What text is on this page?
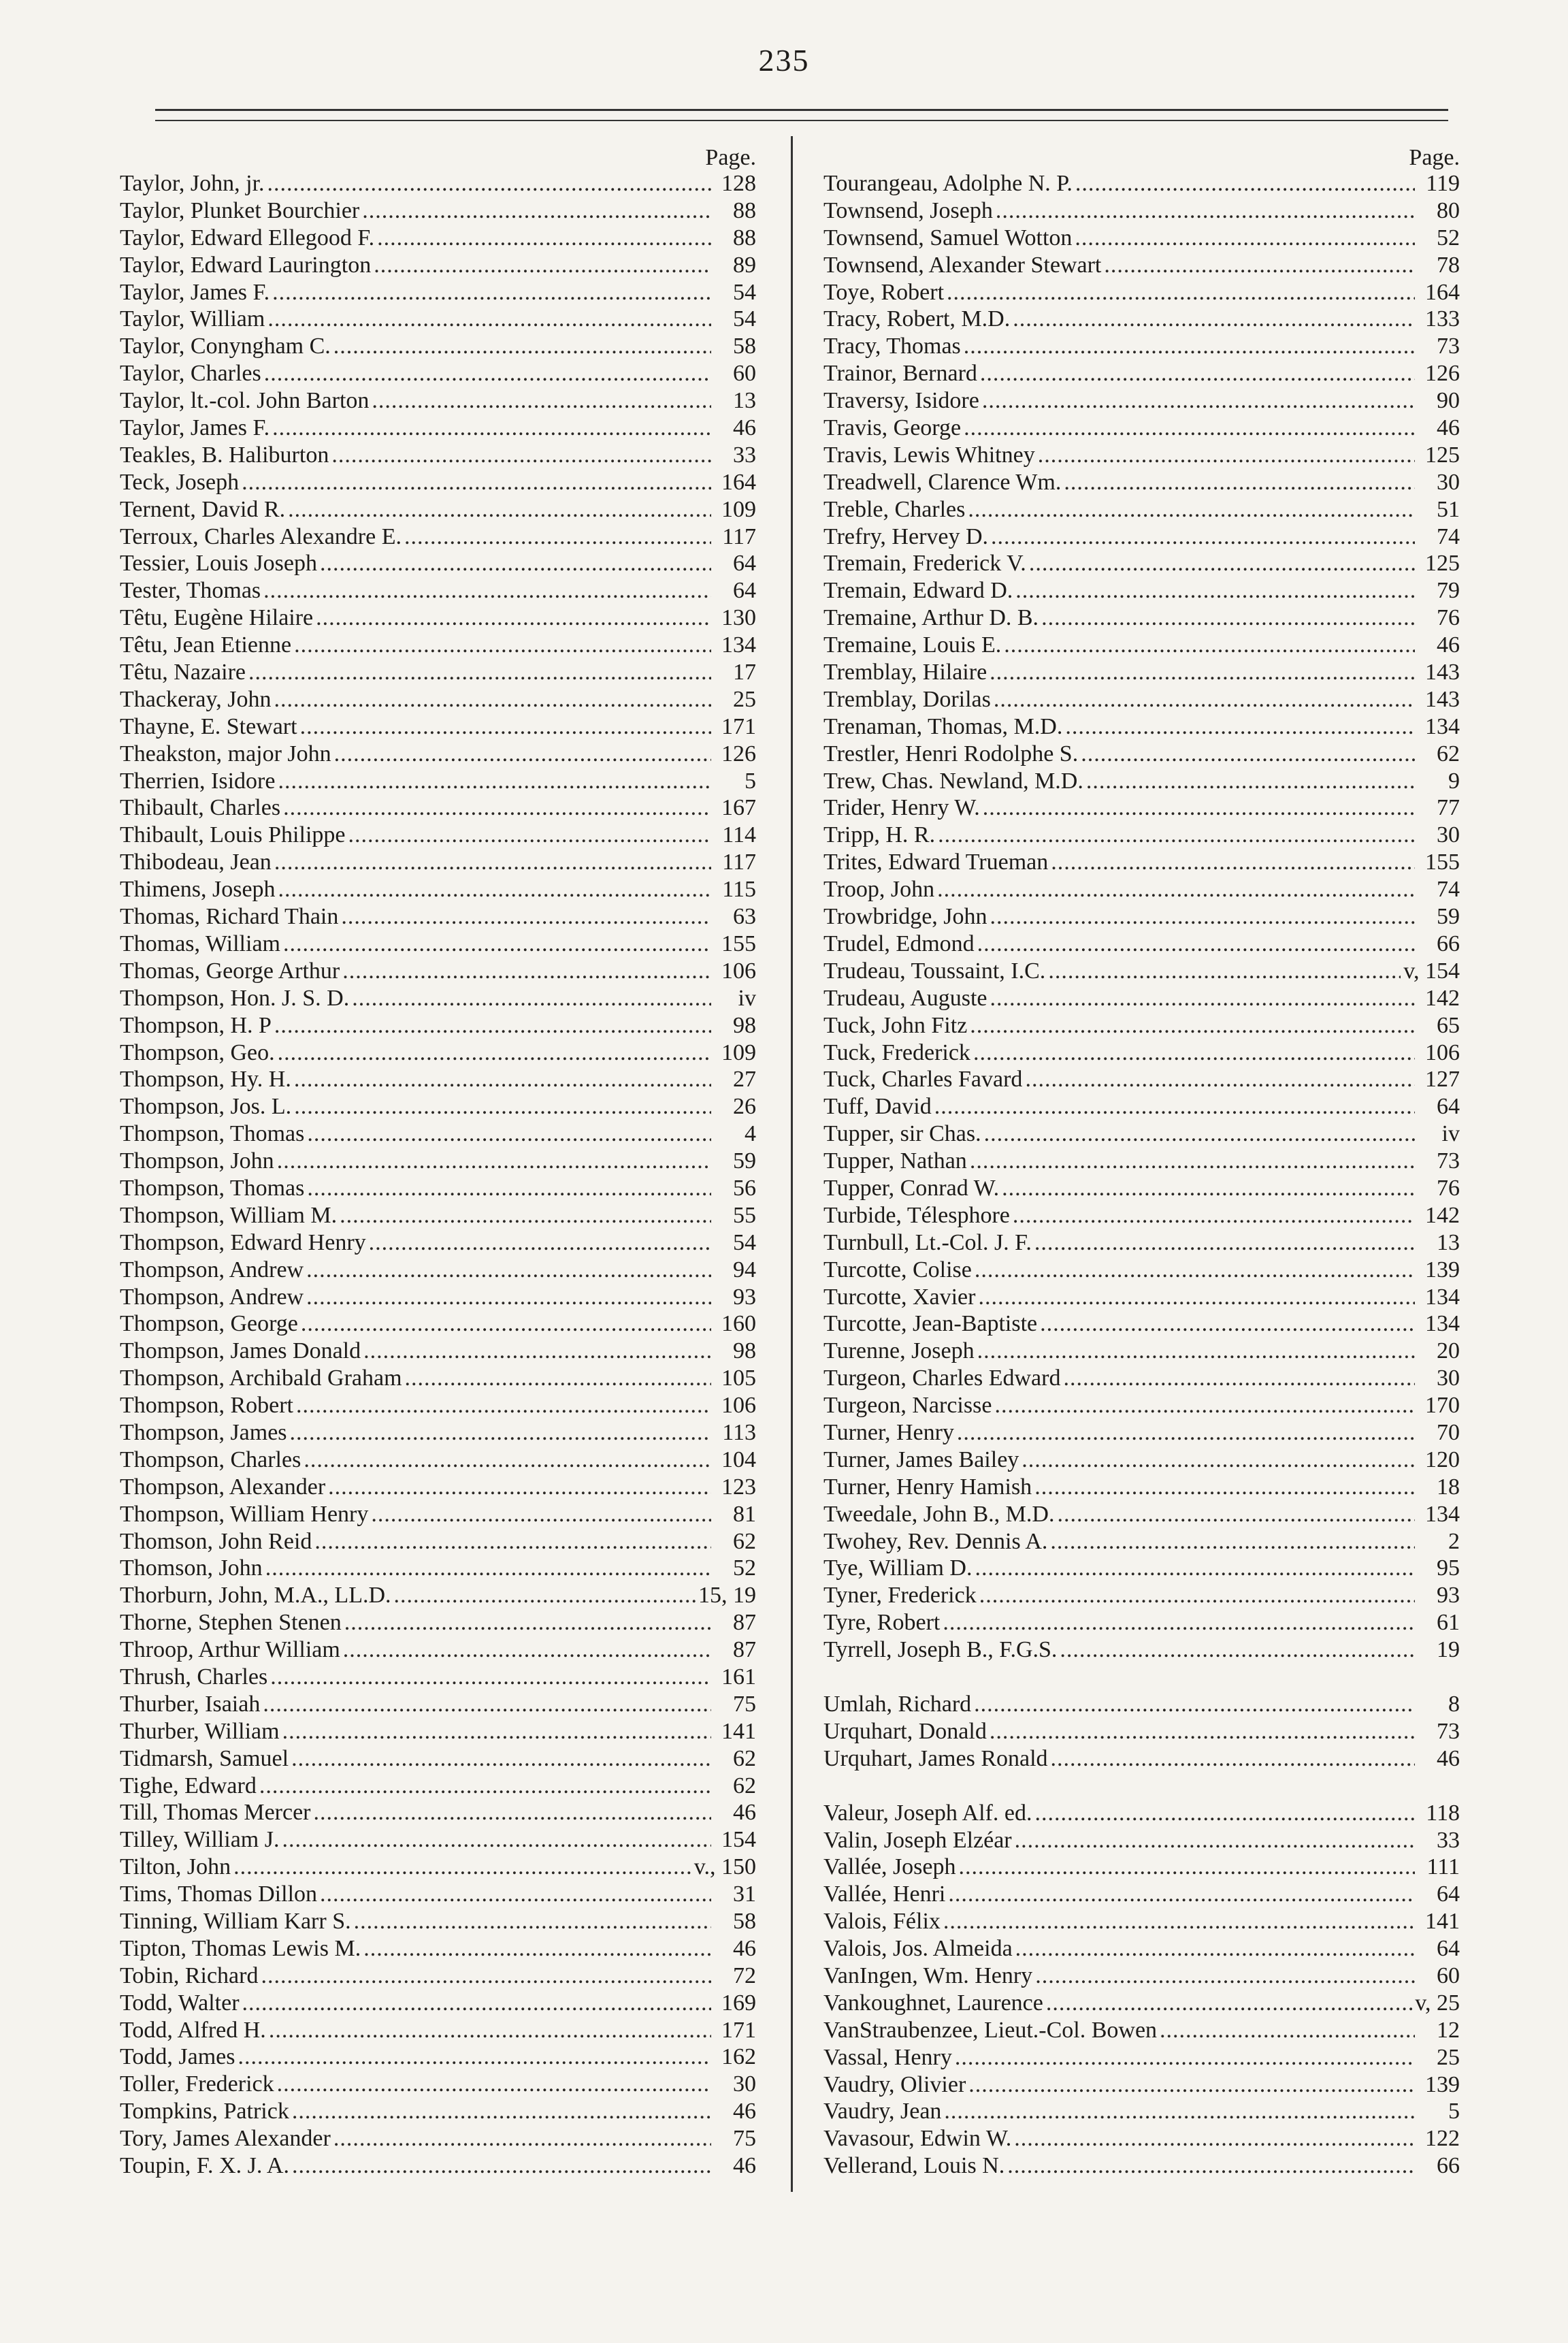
235
Page.
Taylor, John, jr. .....	128
Taylor, Plunket Bourchier .....	88
Taylor, Edward Ellegood F. .....	88
Taylor, Edward Laurington .....	89
Taylor, James F. .....	54
Taylor, William .....	54
Taylor, Conyngham C. .....	58
Taylor, Charles .....	60
Taylor, lt.-col. John Barton .....	13
Taylor, James F. .....	46
Teakles, B. Haliburton .....	33
Teck, Joseph .....	164
Ternent, David R. .....	109
Terroux, Charles Alexandre E. .....	117
Tessier, Louis Joseph .....	64
Tester, Thomas .....	64
Têtu, Eugène Hilaire .....	130
Têtu, Jean Etienne .....	134
Têtu, Nazaire .....	17
Thackeray, John .....	25
Thayne, E. Stewart .....	171
Theakston, major John .....	126
Therrien, Isidore .....	5
Thibault, Charles .....	167
Thibault, Louis Philippe .....	114
Thibodeau, Jean .....	117
Thimens, Joseph .....	115
Thomas, Richard Thain .....	63
Thomas, William .....	155
Thomas, George Arthur .....	106
Thompson, Hon. J. S. D. .....	iv
Thompson, H. P .....	98
Thompson, Geo. .....	109
Thompson, Hy. H. .....	27
Thompson, Jos. L. .....	26
Thompson, Thomas .....	4
Thompson, John .....	59
Thompson, Thomas .....	56
Thompson, William M. .....	55
Thompson, Edward Henry .....	54
Thompson, Andrew .....	94
Thompson, Andrew .....	93
Thompson, George .....	160
Thompson, James Donald .....	98
Thompson, Archibald Graham .....	105
Thompson, Robert .....	106
Thompson, James .....	113
Thompson, Charles .....	104
Thompson, Alexander .....	123
Thompson, William Henry .....	81
Thomson, John Reid .....	62
Thomson, John .....	52
Thorburn, John, M.A., LL.D. .....	15, 19
Thorne, Stephen Stenen .....	87
Throop, Arthur William .....	87
Thrush, Charles .....	161
Thurber, Isaiah .....	75
Thurber, William .....	141
Tidmarsh, Samuel .....	62
Tighe, Edward .....	62
Till, Thomas Mercer .....	46
Tilley, William J. .....	154
Tilton, John .....	v., 150
Tims, Thomas Dillon .....	31
Tinning, William Karr S. .....	58
Tipton, Thomas Lewis M. .....	46
Tobin, Richard .....	72
Todd, Walter .....	169
Todd, Alfred H. .....	171
Todd, James .....	162
Toller, Frederick .....	30
Tompkins, Patrick .....	46
Tory, James Alexander .....	75
Toupin, F. X. J. A. .....	46
Page.
Tourangeau, Adolphe N. P. .....	119
Townsend, Joseph .....	80
Townsend, Samuel Wotton .....	52
Townsend, Alexander Stewart .....	78
Toye, Robert .....	164
Tracy, Robert, M.D. .....	133
Tracy, Thomas .....	73
Trainor, Bernard .....	126
Traversy, Isidore .....	90
Travis, George .....	46
Travis, Lewis Whitney .....	125
Treadwell, Clarence Wm. .....	30
Treble, Charles .....	51
Trefry, Hervey D. .....	74
Tremain, Frederick V. .....	125
Tremain, Edward D. .....	79
Tremaine, Arthur D. B. .....	76
Tremaine, Louis E. .....	46
Tremblay, Hilaire .....	143
Tremblay, Dorilas .....	143
Trenaman, Thomas, M.D. .....	134
Trestler, Henri Rodolphe S. .....	62
Trew, Chas. Newland, M.D. .....	9
Trider, Henry W. .....	77
Tripp, H. R. .....	30
Trites, Edward Trueman .....	155
Troop, John .....	74
Trowbridge, John .....	59
Trudel, Edmond .....	66
Trudeau, Toussaint, I.C. .....	v, 154
Trudeau, Auguste .....	142
Tuck, John Fitz .....	65
Tuck, Frederick .....	106
Tuck, Charles Favard .....	127
Tuff, David .....	64
Tupper, sir Chas. .....	iv
Tupper, Nathan .....	73
Tupper, Conrad W. .....	76
Turbide, Télesphore .....	142
Turnbull, Lt.-Col. J. F. .....	13
Turcotte, Colise .....	139
Turcotte, Xavier .....	134
Turcotte, Jean-Baptiste .....	134
Turenne, Joseph .....	20
Turgeon, Charles Edward .....	30
Turgeon, Narcisse .....	170
Turner, Henry .....	70
Turner, James Bailey .....	120
Turner, Henry Hamish .....	18
Tweedale, John B., M.D. .....	134
Twohey, Rev. Dennis A. .....	2
Tye, William D. .....	95
Tyner, Frederick .....	93
Tyre, Robert .....	61
Tyrrell, Joseph B., F.G.S. .....	19
Umlah, Richard .....	8
Urquhart, Donald .....	73
Urquhart, James Ronald .....	46
Valeur, Joseph Alf. ed. .....	118
Valin, Joseph Elzéar .....	33
Vallée, Joseph .....	111
Vallée, Henri .....	64
Valois, Félix .....	141
Valois, Jos. Almeida .....	64
VanIngen, Wm. Henry .....	60
Vankoughnet, Laurence .....	v, 25
VanStraubenzee, Lieut.-Col. Bowen .....	12
Vassal, Henry .....	25
Vaudry, Olivier .....	139
Vaudry, Jean .....	5
Vavasour, Edwin W. .....	122
Vellerand, Louis N. .....	66
